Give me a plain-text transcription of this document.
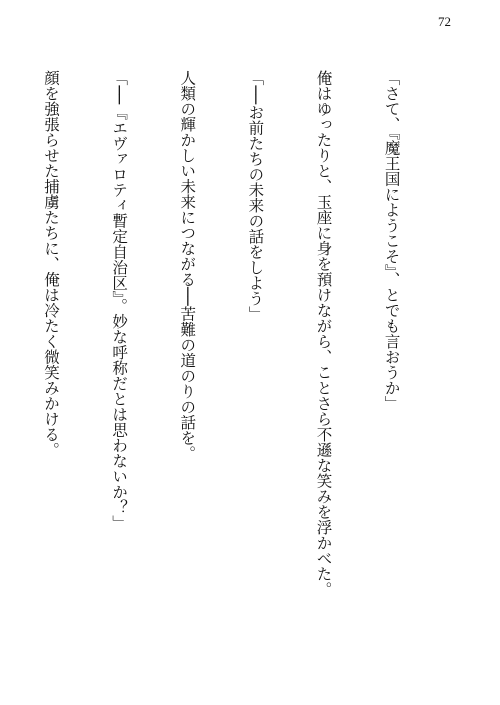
72

「さて、『魔王国にようこそ』、とでも言おうか」

俺はゆったりと、玉座に身を預けながら、ことさら不遜な笑みを浮かべた。

「──お前たちの未来の話をしよう」

人類の輝かしい未来につながる──苦難の道のりの話を。

「──『エヴァロティ暫定自治区』。妙な呼称だとは思わないか？」

顔を強張らせた捕虜たちに、俺は冷たく微笑みかける。
